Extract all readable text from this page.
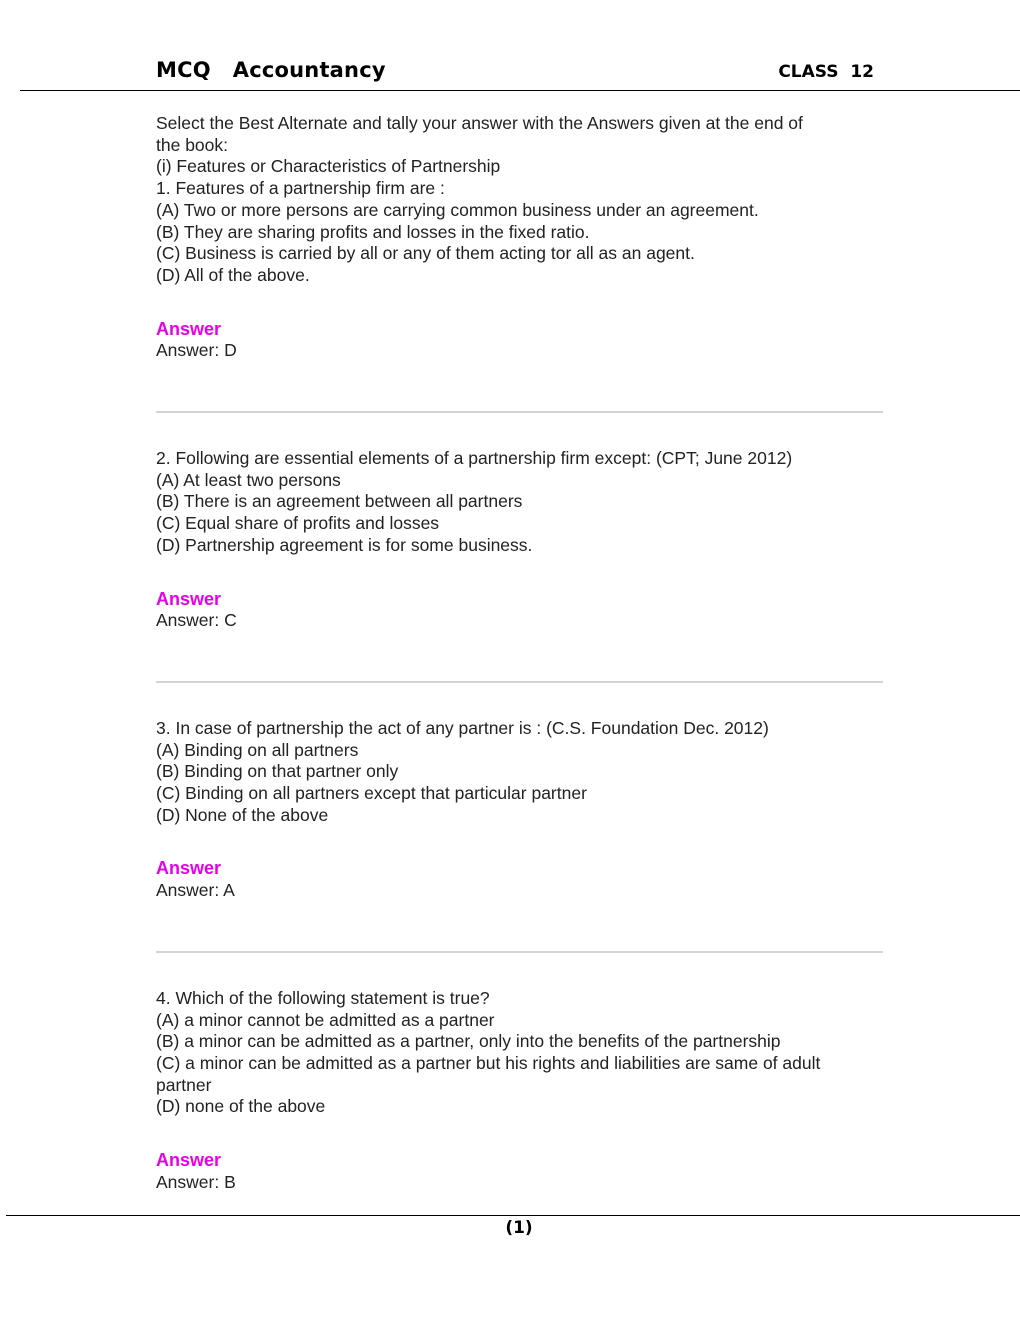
MCQ Accountancy	CLASS  12
Select the Best Alternate and tally your answer with the Answers given at the end of
the book:
(i) Features or Characteristics of Partnership
1. Features of a partnership firm are :
(A) Two or more persons are carrying common business under an agreement.
(B) They are sharing profits and losses in the fixed ratio.
(C) Business is carried by all or any of them acting tor all as an agent.
(D) All of the above.
Answer
Answer: D
2. Following are essential elements of a partnership firm except: (CPT; June 2012)
(A) At least two persons
(B) There is an agreement between all partners
(C) Equal share of profits and losses
(D) Partnership agreement is for some business.
Answer
Answer: C
3. In case of partnership the act of any partner is : (C.S. Foundation Dec. 2012)
(A) Binding on all partners
(B) Binding on that partner only
(C) Binding on all partners except that particular partner
(D) None of the above
Answer
Answer: A
4. Which of the following statement is true?
(A) a minor cannot be admitted as a partner
(B) a minor can be admitted as a partner, only into the benefits of the partnership
(C) a minor can be admitted as a partner but his rights and liabilities are same of adult
partner
(D) none of the above
Answer
Answer: B
(1)
